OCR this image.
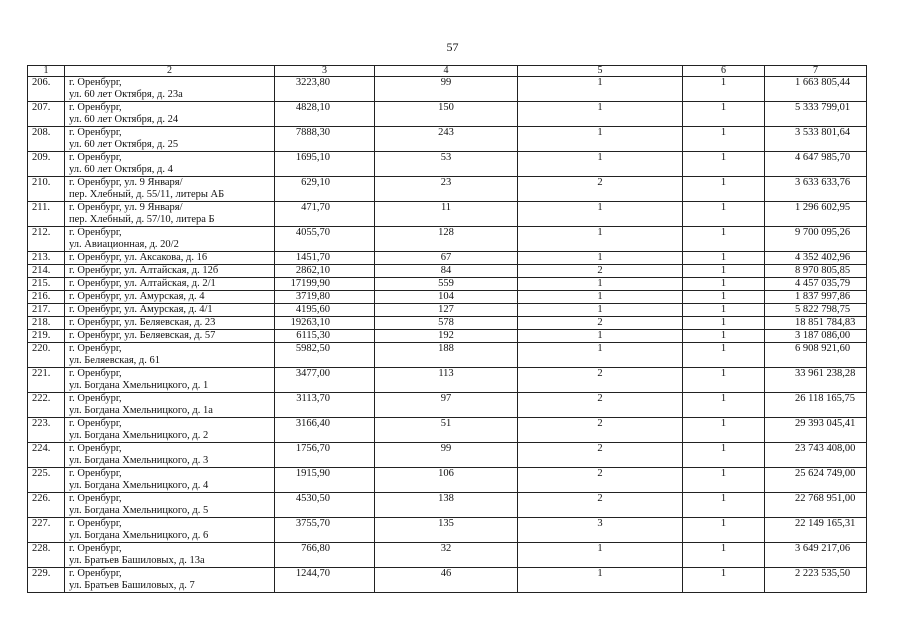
57
1	2	3	4	5	6	7
206.	г. Оренбург,
ул. 60 лет Октября, д. 23а	3223,80	99	1	1	1 663 805,44
207.	г. Оренбург,
ул. 60 лет Октября, д. 24	4828,10	150	1	1	5 333 799,01
208.	г. Оренбург,
ул. 60 лет Октября, д. 25	7888,30	243	1	1	3 533 801,64
209.	г. Оренбург,
ул. 60 лет Октября, д. 4	1695,10	53	1	1	4 647 985,70
210.	г. Оренбург, ул. 9 Января/
пер. Хлебный, д. 55/11, литеры АБ	629,10	23	2	1	3 633 633,76
211.	г. Оренбург, ул. 9 Января/
пер. Хлебный, д. 57/10, литера Б	471,70	11	1	1	1 296 602,95
212.	г. Оренбург,
ул. Авиационная, д. 20/2	4055,70	128	1	1	9 700 095,26
213.	г. Оренбург, ул. Аксакова, д. 16	1451,70	67	1	1	4 352 402,96
214.	г. Оренбург, ул. Алтайская, д. 12б	2862,10	84	2	1	8 970 805,85
215.	г. Оренбург, ул. Алтайская, д. 2/1	17199,90	559	1	1	4 457 035,79
216.	г. Оренбург, ул. Амурская, д. 4	3719,80	104	1	1	1 837 997,86
217.	г. Оренбург, ул. Амурская, д. 4/1	4195,60	127	1	1	5 822 798,75
218.	г. Оренбург, ул. Беляевская, д. 23	19263,10	578	2	1	18 851 784,83
219.	г. Оренбург, ул. Беляевская, д. 57	6115,30	192	1	1	3 187 086,00
220.	г. Оренбург,
ул. Беляевская, д. 61	5982,50	188	1	1	6 908 921,60
221.	г. Оренбург,
ул. Богдана Хмельницкого, д. 1	3477,00	113	2	1	33 961 238,28
222.	г. Оренбург,
ул. Богдана Хмельницкого, д. 1а	3113,70	97	2	1	26 118 165,75
223.	г. Оренбург,
ул. Богдана Хмельницкого, д. 2	3166,40	51	2	1	29 393 045,41
224.	г. Оренбург,
ул. Богдана Хмельницкого, д. 3	1756,70	99	2	1	23 743 408,00
225.	г. Оренбург,
ул. Богдана Хмельницкого, д. 4	1915,90	106	2	1	25 624 749,00
226.	г. Оренбург,
ул. Богдана Хмельницкого, д. 5	4530,50	138	2	1	22 768 951,00
227.	г. Оренбург,
ул. Богдана Хмельницкого, д. 6	3755,70	135	3	1	22 149 165,31
228.	г. Оренбург,
ул. Братьев Башиловых, д. 13а	766,80	32	1	1	3 649 217,06
229.	г. Оренбург,
ул. Братьев Башиловых, д. 7	1244,70	46	1	1	2 223 535,50
